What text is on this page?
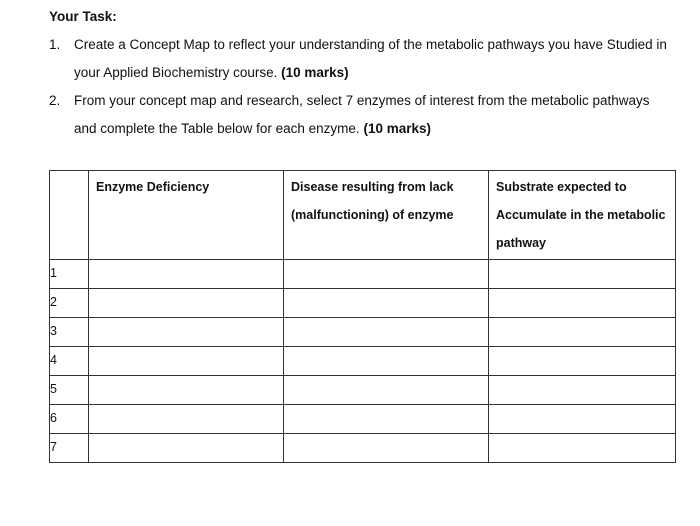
Your Task:
1. Create a Concept Map to reflect your understanding of the metabolic pathways you have Studied in your Applied Biochemistry course. (10 marks)
2. From your concept map and research, select 7 enzymes of interest from the metabolic pathways and complete the Table below for each enzyme. (10 marks)

	Enzyme Deficiency	Disease resulting from lack (malfunctioning) of enzyme	Substrate expected to Accumulate in the metabolic pathway

1			
2			
3			
4			
5			
6			
7			
